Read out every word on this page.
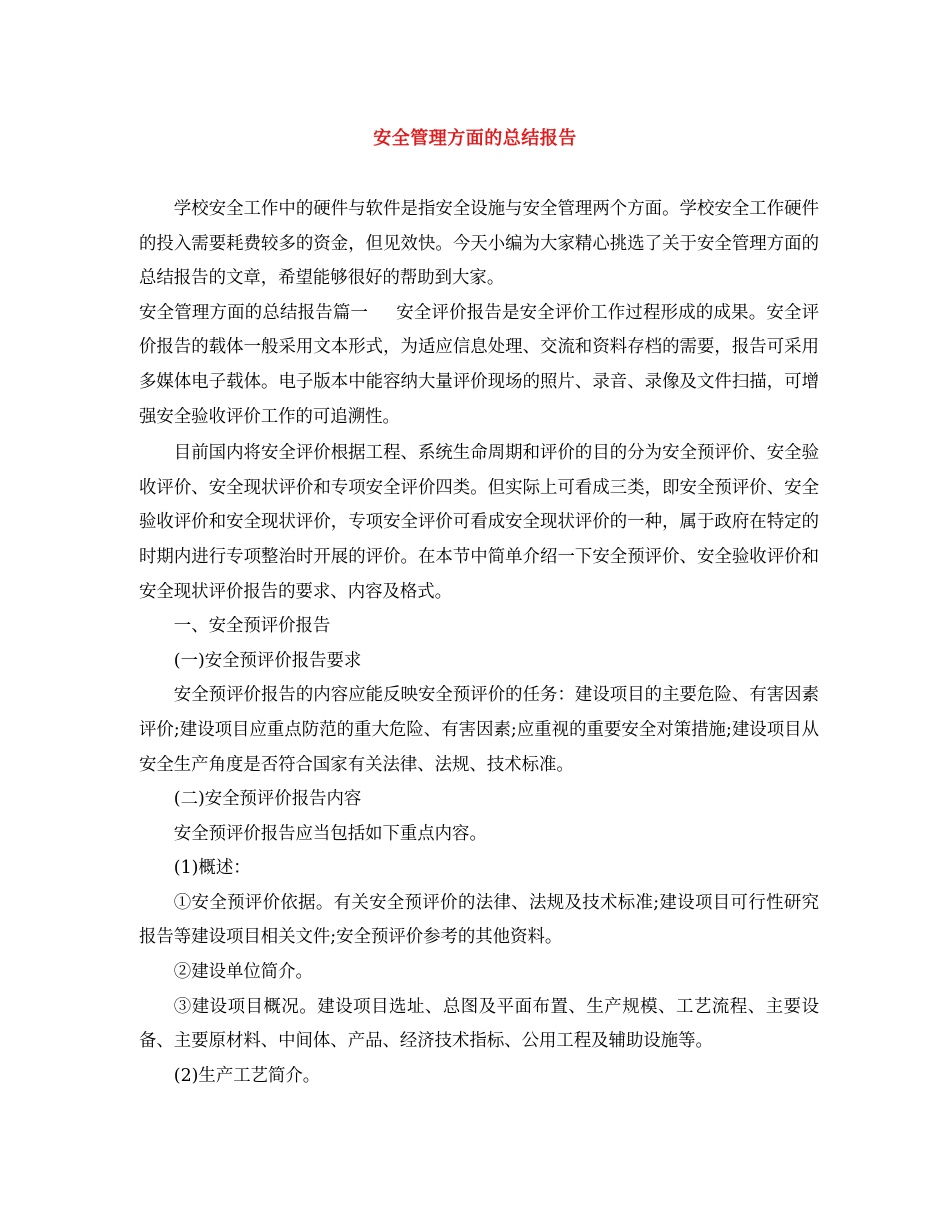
安全管理方面的总结报告

学校安全工作中的硬件与软件是指安全设施与安全管理两个方面。学校安全工作硬件的投入需要耗费较多的资金，但见效快。今天小编为大家精心挑选了关于安全管理方面的总结报告的文章，希望能够很好的帮助到大家。

安全管理方面的总结报告篇一 安全评价报告是安全评价工作过程形成的成果。安全评价报告的载体一般采用文本形式，为适应信息处理、交流和资料存档的需要，报告可采用多媒体电子载体。电子版本中能容纳大量评价现场的照片、录音、录像及文件扫描，可增强安全验收评价工作的可追溯性。

目前国内将安全评价根据工程、系统生命周期和评价的目的分为安全预评价、安全验收评价、安全现状评价和专项安全评价四类。但实际上可看成三类，即安全预评价、安全验收评价和安全现状评价，专项安全评价可看成安全现状评价的一种，属于政府在特定的时期内进行专项整治时开展的评价。在本节中简单介绍一下安全预评价、安全验收评价和安全现状评价报告的要求、内容及格式。

一、安全预评价报告

(一)安全预评价报告要求

安全预评价报告的内容应能反映安全预评价的任务：建设项目的主要危险、有害因素评价;建设项目应重点防范的重大危险、有害因素;应重视的重要安全对策措施;建设项目从安全生产角度是否符合国家有关法律、法规、技术标准。

(二)安全预评价报告内容

安全预评价报告应当包括如下重点内容。

(1)概述：

①安全预评价依据。有关安全预评价的法律、法规及技术标准;建设项目可行性研究报告等建设项目相关文件;安全预评价参考的其他资料。

②建设单位简介。

③建设项目概况。建设项目选址、总图及平面布置、生产规模、工艺流程、主要设备、主要原材料、中间体、产品、经济技术指标、公用工程及辅助设施等。

(2)生产工艺简介。
